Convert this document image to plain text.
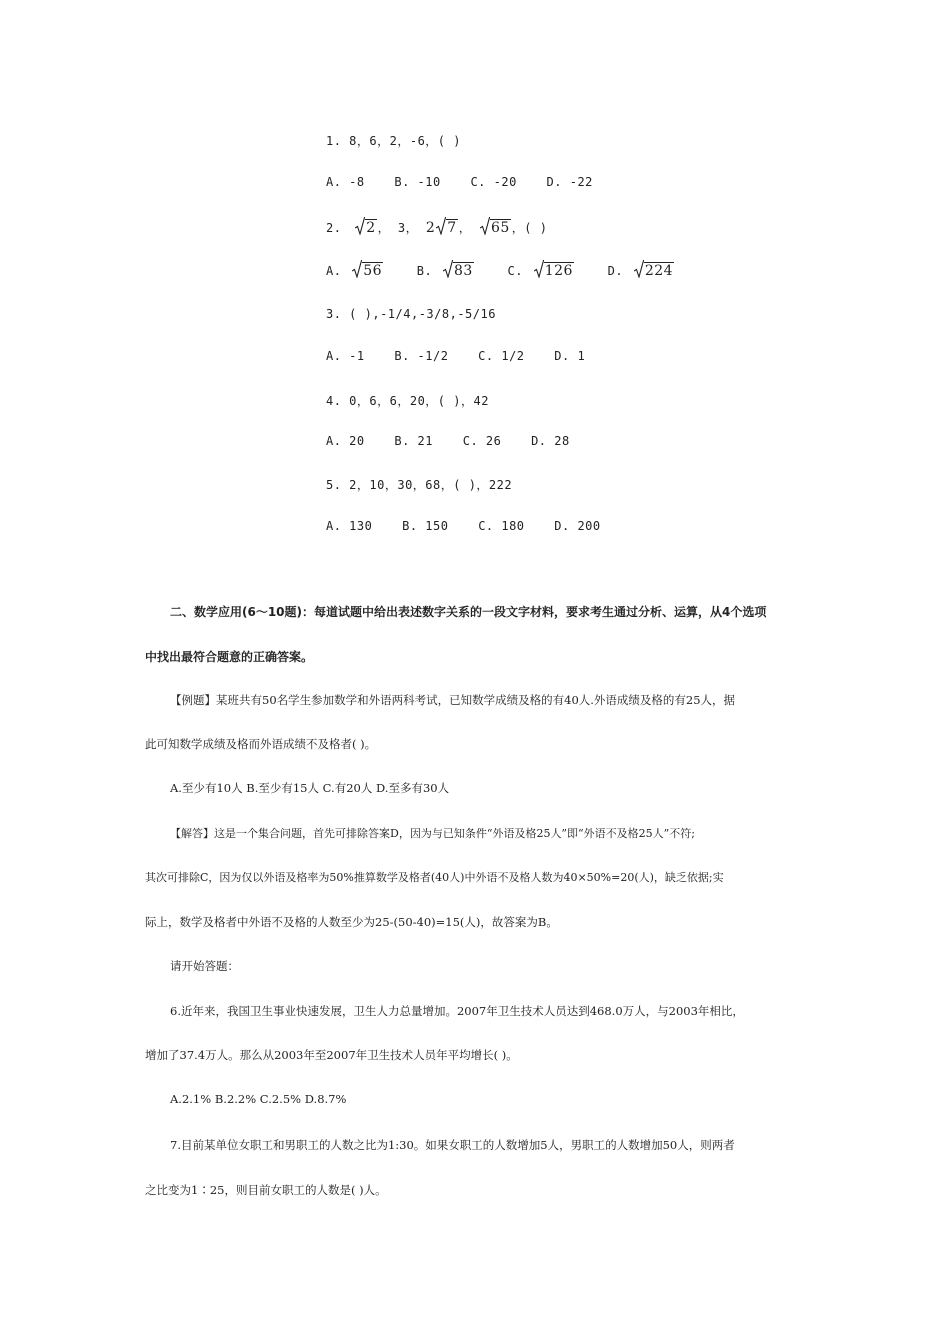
1. 8，6，2，-6，( )
A. -8 B. -10 C. -20 D. -22
2. 2 ， 3， 2 7 ， 65 ，( )
A. 56	B. 83	C. 126	D. 224
3. ( ),-1/4,-3/8,-5/16
A. -1 B. -1/2 C. 1/2 D. 1
4. 0，6，6，20，( )，42
A. 20 B. 21 C. 26 D. 28
5. 2，10，30，68，( )，222
A. 130 B. 150 C. 180 D. 200
二、数学应用(6～10题)：每道试题中给出表述数字关系的一段文字材料，要求考生通过分析、运算，从4个选项
中找出最符合题意的正确答案。
【例题】某班共有50名学生参加数学和外语两科考试，已知数学成绩及格的有40人.外语成绩及格的有25人，据
此可知数学成绩及格而外语成绩不及格者( )。
A.至少有10人 B.至少有15人 C.有20人 D.至多有30人
【解答】这是一个集合问题，首先可排除答案D，因为与已知条件“外语及格25人”即“外语不及格25人”不符;
其次可排除C，因为仅以外语及格率为50%推算数学及格者(40人)中外语不及格人数为40×50%=20(人)，缺乏依据;实
际上，数学及格者中外语不及格的人数至少为25-(50-40)=15(人)，故答案为B。
请开始答题：
6.近年来，我国卫生事业快速发展，卫生人力总量增加。2007年卫生技术人员达到468.0万人，与2003年相比，
增加了37.4万人。那么从2003年至2007年卫生技术人员年平均增长( )。
A.2.1% B.2.2% C.2.5% D.8.7%
7.目前某单位女职工和男职工的人数之比为1:30。如果女职工的人数增加5人，男职工的人数增加50人，则两者
之比变为1∶25，则目前女职工的人数是( )人。
